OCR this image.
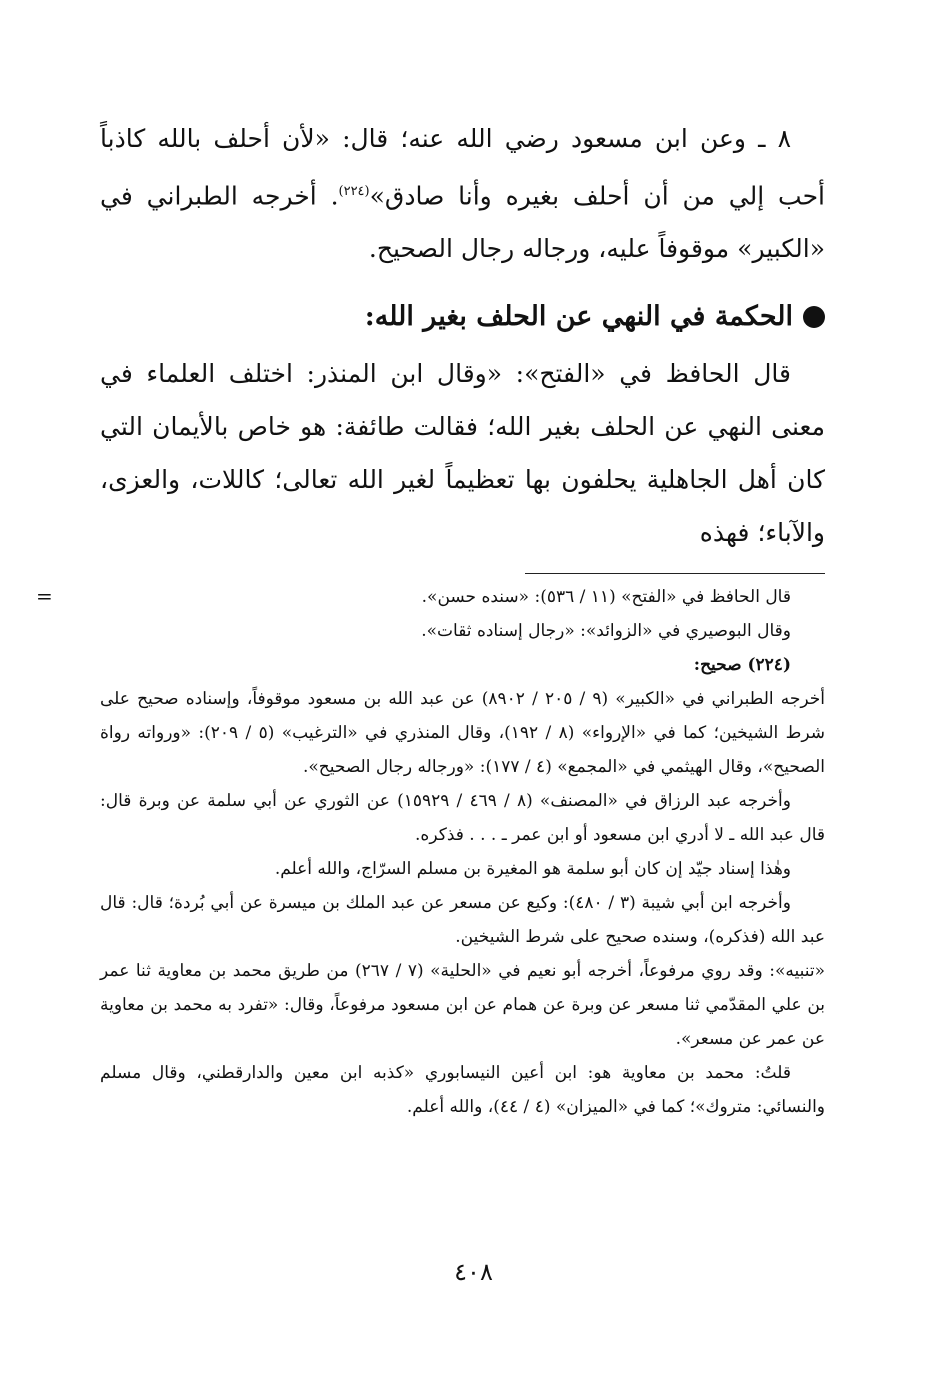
٨ ـ وعن ابن مسعود رضي الله عنه؛ قال: «لأن أحلف بالله كاذباً أحب إلي من أن أحلف بغيره وأنا صادق»$^{(٢٢٤)}$. أخرجه الطبراني في «الكبير» موقوفاً عليه، ورجاله رجال الصحيح.

الحكمة في النهي عن الحلف بغير الله:

قال الحافظ في «الفتح»: «وقال ابن المنذر: اختلف العلماء في معنى النهي عن الحلف بغير الله؛ فقالت طائفة: هو خاص بالأيمان التي كان أهل الجاهلية يحلفون بها تعظيماً لغير الله تعالى؛ كاللات، والعزى، والآباء؛ فهذه

=	قال الحافظ في «الفتح» (١١ / ٥٣٦): «سنده حسن».

وقال البوصيري في «الزوائد»: «رجال إسناده ثقات».

(٢٢٤) صحيح:

أخرجه الطبراني في «الكبير» (٩ / ٢٠٥ / ٨٩٠٢) عن عبد الله بن مسعود موقوفاً، وإسناده صحيح على شرط الشيخين؛ كما في «الإرواء» (٨ / ١٩٢)، وقال المنذري في «الترغيب» (٥ / ٢٠٩): «ورواته رواة الصحيح»، وقال الهيثمي في «المجمع» (٤ / ١٧٧): «ورجاله رجال الصحيح».

وأخرجه عبد الرزاق في «المصنف» (٨ / ٤٦٩ / ١٥٩٢٩) عن الثوري عن أبي سلمة عن وبرة قال: قال عبد الله ـ لا أدري ابن مسعود أو ابن عمر ـ . . . فذكره.

وهٰذا إسناد جيّد إن كان أبو سلمة هو المغيرة بن مسلم السرّاج، والله أعلم.

وأخرجه ابن أبي شيبة (٣ / ٤٨٠): وكيع عن مسعر عن عبد الملك بن ميسرة عن أبي بُردة؛ قال: قال عبد الله (فذكره)، وسنده صحيح على شرط الشيخين.

«تنبيه»: وقد روي مرفوعاً، أخرجه أبو نعيم في «الحلية» (٧ / ٢٦٧) من طريق محمد بن معاوية ثنا عمر بن علي المقدّمي ثنا مسعر عن وبرة عن همام عن ابن مسعود مرفوعاً، وقال: «تفرد به محمد بن معاوية عن عمر عن مسعر».

قلتُ: محمد بن معاوية هو: ابن أعين النيسابوري «كذبه ابن معين والدارقطني، وقال مسلم والنسائي: متروك»؛ كما في «الميزان» (٤ / ٤٤)، والله أعلم.

٤٠٨
